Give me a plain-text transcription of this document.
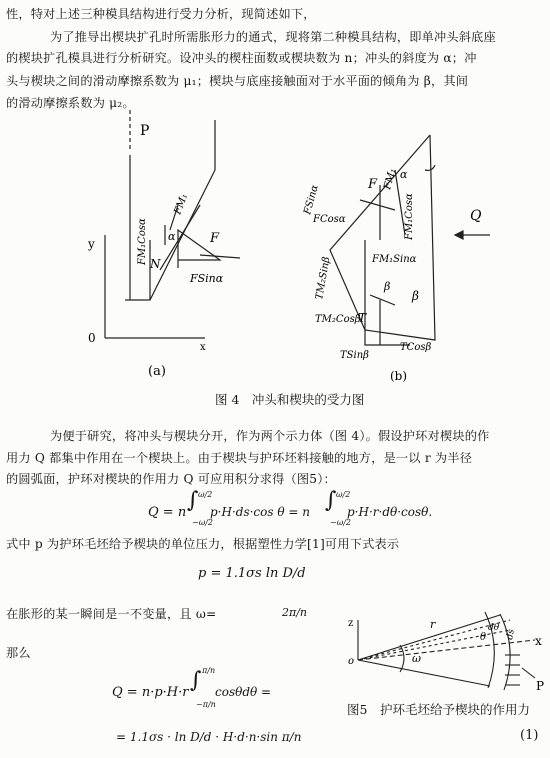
性，特对上述三种模具结构进行受力分析，现简述如下，
为了推导出楔块扩孔时所需胀形力的通式，现将第二种模具结构，即单冲头斜底座
的楔块扩孔模具进行分析研究。设冲头的楔柱面数或楔块数为 n；冲头的斜度为 α；冲
头与楔块之间的滑动摩擦系数为 μ₁；楔块与底座接触面对于水平面的倾角为 β，其间
的滑动摩擦系数为 μ₂。
P
y
0
x
α	F
FM₁
FM₁Cosα N
FSinα
(a)
α
F FM₁
FSinα
FCosα	FM₁Cosα
FM₁Sinα
Q
TM₂Sinβ	β
β
TM₂Cosβ
T
TSinβ
TCosβ
(b)
图 4　冲头和楔块的受力图
为便于研究，将冲头与楔块分开，作为两个示力体（图 4）。假设护环对楔块的作
用力 Q 都集中作用在一个楔块上。由于楔块与护环坯料接触的地方，是一以 r 为半径
的圆弧面，护环对楔块的作用力 Q 可应用积分求得（图5）：
Q = n ∫ ω/2
−ω/2
p·H·ds·cos θ = n ∫ ω/2
−ω/2
p·H·r·dθ·cosθ.
式中 p 为护环毛坯给予楔块的单位压力，根据塑性力学[1]可用下式表示
p = 1.1σs ln D/d
在胀形的某一瞬间是一不变量，且 ω=	2π/n
那么
Q = n·p·H·r ∫ π/n
−π/n
cosθdθ =
= 1.1σs · ln D/d · H·d·n·sin π/n	(1)
z
x
o
r
ω
dθ
θ ds
P
图5　护环毛坯给予楔块的作用力
